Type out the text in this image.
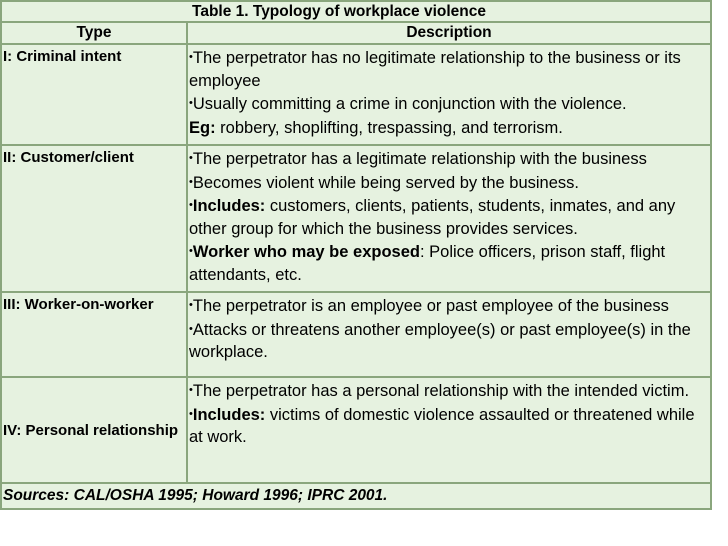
Table 1. Typology of workplace violence	
Type	Description
I: Criminal intent	•The perpetrator has no legitimate relationship to the business or its employee
•Usually committing a crime in conjunction with the violence.
Eg: robbery, shoplifting, trespassing, and terrorism.

II: Customer/client	•The perpetrator has a legitimate relationship with the business
•Becomes violent while being served by the business.
•Includes: customers, clients, patients, students, inmates, and any other group for which the business provides services.
•Worker who may be exposed: Police officers, prison staff, flight attendants, etc.

III: Worker-on-worker	•The perpetrator is an employee or past employee of the business
•Attacks or threatens another employee(s) or past employee(s) in the workplace.

IV: Personal relationship	•The perpetrator has a personal relationship with the intended victim.
•Includes: victims of domestic violence assaulted or threatened while at work.

Sources: CAL/OSHA 1995; Howard 1996; IPRC 2001.	
